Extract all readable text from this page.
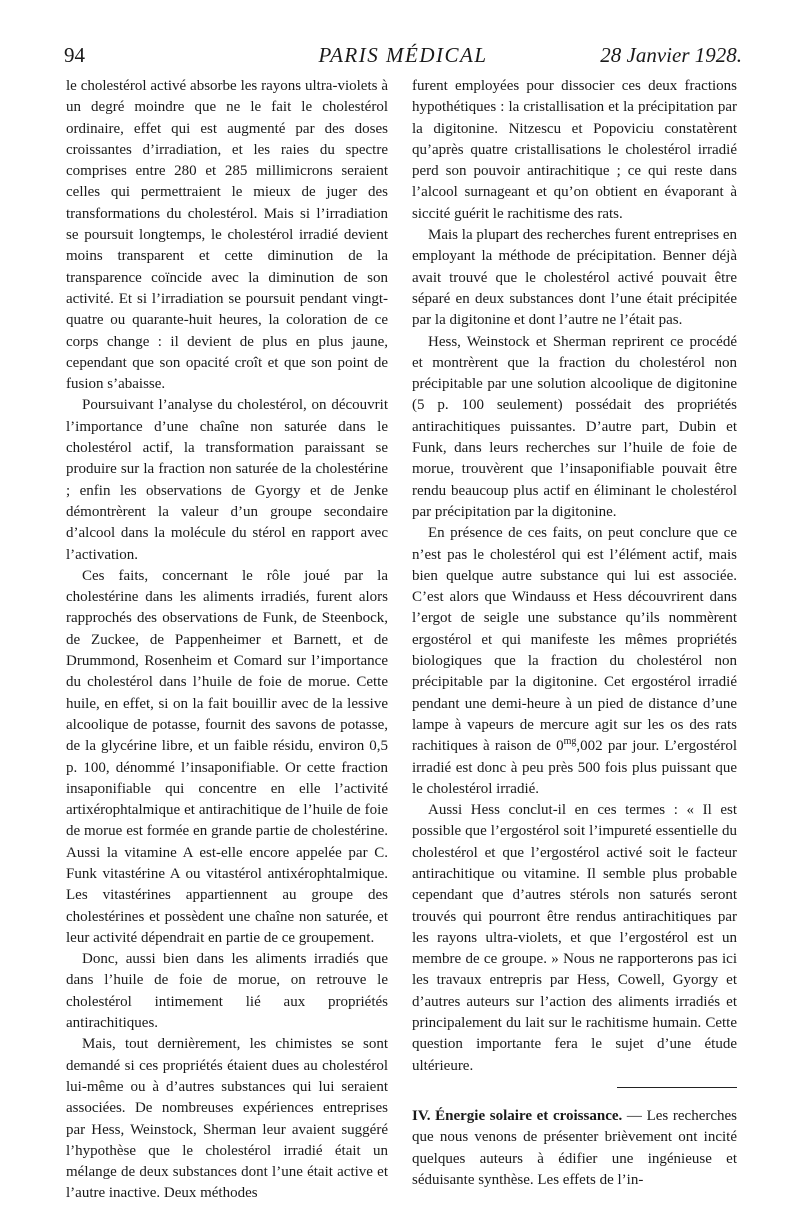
94	PARIS MÉDICAL	28 Janvier 1928.

le cholestérol activé absorbe les rayons ultra-violets à un degré moindre que ne le fait le cholestérol ordinaire, effet qui est augmenté par des doses croissantes d’irradiation, et les raies du spectre comprises entre 280 et 285 millimicrons seraient celles qui permettraient le mieux de juger des transformations du cholestérol. Mais si l’irradiation se poursuit longtemps, le cholestérol irradié devient moins transparent et cette diminution de la transparence coïncide avec la diminution de son activité. Et si l’irradiation se poursuit pendant vingt-quatre ou quarante-huit heures, la coloration de ce corps change : il devient de plus en plus jaune, cependant que son opacité croît et que son point de fusion s’abaisse.

Poursuivant l’analyse du cholestérol, on découvrit l’importance d’une chaîne non saturée dans le cholestérol actif, la transformation paraissant se produire sur la fraction non saturée de la cholestérine ; enfin les observations de Gyorgy et de Jenke démontrèrent la valeur d’un groupe secondaire d’alcool dans la molécule du stérol en rapport avec l’activation.

Ces faits, concernant le rôle joué par la cholestérine dans les aliments irradiés, furent alors rapprochés des observations de Funk, de Steenbock, de Zuckee, de Pappenheimer et Barnett, et de Drummond, Rosenheim et Comard sur l’importance du cholestérol dans l’huile de foie de morue. Cette huile, en effet, si on la fait bouillir avec de la lessive alcoolique de potasse, fournit des savons de potasse, de la glycérine libre, et un faible résidu, environ 0,5 p. 100, dénommé l’insaponifiable. Or cette fraction insaponifiable qui concentre en elle l’activité artixérophtalmique et antirachitique de l’huile de foie de morue est formée en grande partie de cholestérine. Aussi la vitamine A est-elle encore appelée par C. Funk vitastérine A ou vitastérol antixérophtalmique. Les vitastérines appartiennent au groupe des cholestérines et possèdent une chaîne non saturée, et leur activité dépendrait en partie de ce groupement.

Donc, aussi bien dans les aliments irradiés que dans l’huile de foie de morue, on retrouve le cholestérol intimement lié aux propriétés antirachitiques.

Mais, tout dernièrement, les chimistes se sont demandé si ces propriétés étaient dues au cholestérol lui-même ou à d’autres substances qui lui seraient associées. De nombreuses expériences entreprises par Hess, Weinstock, Sherman leur avaient suggéré l’hypothèse que le cholestérol irradié était un mélange de deux substances dont l’une était active et l’autre inactive. Deux méthodes

furent employées pour dissocier ces deux fractions hypothétiques : la cristallisation et la précipitation par la digitonine. Nitzescu et Popoviciu constatèrent qu’après quatre cristallisations le cholestérol irradié perd son pouvoir antirachitique ; ce qui reste dans l’alcool surnageant et qu’on obtient en évaporant à siccité guérit le rachitisme des rats.

Mais la plupart des recherches furent entreprises en employant la méthode de précipitation. Benner déjà avait trouvé que le cholestérol activé pouvait être séparé en deux substances dont l’une était précipitée par la digitonine et dont l’autre ne l’était pas.

Hess, Weinstock et Sherman reprirent ce procédé et montrèrent que la fraction du cholestérol non précipitable par une solution alcoolique de digitonine (5 p. 100 seulement) possédait des propriétés antirachitiques puissantes. D’autre part, Dubin et Funk, dans leurs recherches sur l’huile de foie de morue, trouvèrent que l’insaponifiable pouvait être rendu beaucoup plus actif en éliminant le cholestérol par précipitation par la digitonine.

En présence de ces faits, on peut conclure que ce n’est pas le cholestérol qui est l’élément actif, mais bien quelque autre substance qui lui est associée. C’est alors que Windauss et Hess découvrirent dans l’ergot de seigle une substance qu’ils nommèrent ergostérol et qui manifeste les mêmes propriétés biologiques que la fraction du cholestérol non précipitable par la digitonine. Cet ergostérol irradié pendant une demi-heure à un pied de distance d’une lampe à vapeurs de mercure agit sur les os des rats rachitiques à raison de $0^{mg},002$ par jour. L’ergostérol irradié est donc à peu près 500 fois plus puissant que le cholestérol irradié.

Aussi Hess conclut-il en ces termes : « Il est possible que l’ergostérol soit l’impureté essentielle du cholestérol et que l’ergostérol activé soit le facteur antirachitique ou vitamine. Il semble plus probable cependant que d’autres stérols non saturés seront trouvés qui pourront être rendus antirachitiques par les rayons ultra-violets, et que l’ergostérol est un membre de ce groupe. » Nous ne rapporterons pas ici les travaux entrepris par Hess, Cowell, Gyorgy et d’autres auteurs sur l’action des aliments irradiés et principalement du lait sur le rachitisme humain. Cette question importante fera le sujet d’une étude ultérieure.

IV. Énergie solaire et croissance. — Les recherches que nous venons de présenter brièvement ont incité quelques auteurs à édifier une ingénieuse et séduisante synthèse. Les effets de l’in-
